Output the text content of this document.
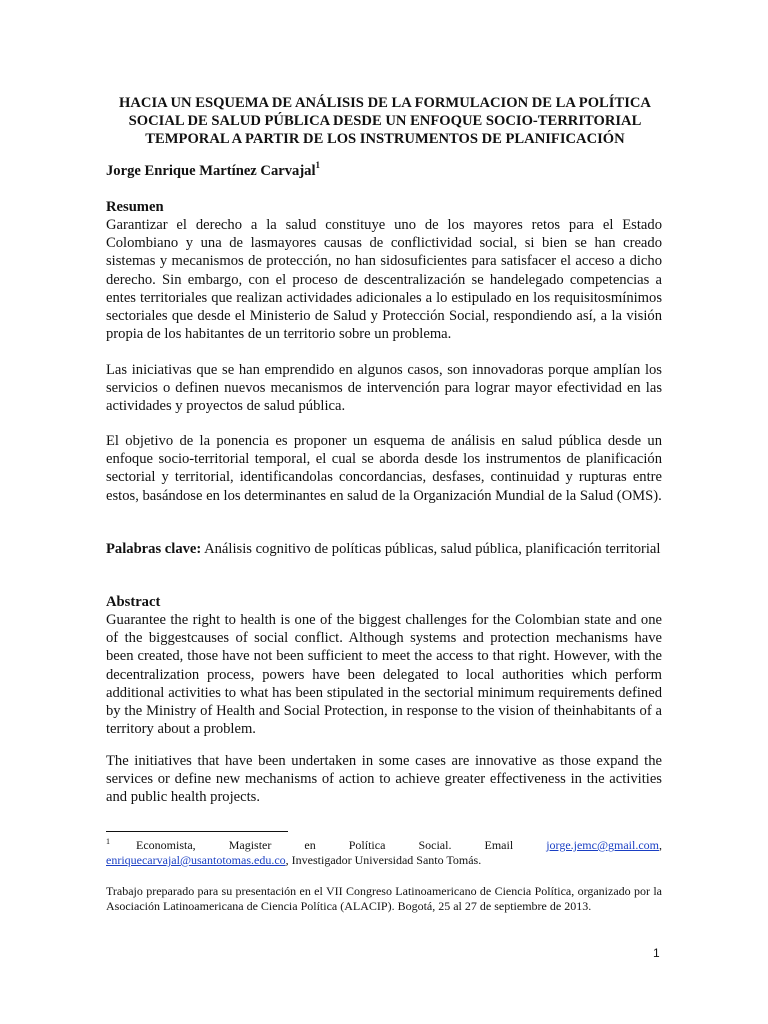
HACIA UN ESQUEMA DE ANÁLISIS DE LA FORMULACION DE LA POLÍTICA SOCIAL DE SALUD PÚBLICA DESDE UN ENFOQUE SOCIO-TERRITORIAL TEMPORAL A PARTIR DE LOS INSTRUMENTOS DE PLANIFICACIÓN
Jorge Enrique Martínez Carvajal$^1$

Resumen

Garantizar el derecho a la salud constituye uno de los mayores retos para el Estado Colombiano y una de lasmayores causas de conflictividad social, si bien se han creado sistemas y mecanismos de protección, no han sidosuficientes para satisfacer el acceso a dicho derecho. Sin embargo, con el proceso de descentralización se handelegado competencias a entes territoriales que realizan actividades adicionales a lo estipulado en los requisitosmínimos sectoriales que desde el Ministerio de Salud y Protección Social, respondiendo así, a la visión propia de los habitantes de un territorio sobre un problema.

Las iniciativas que se han emprendido en algunos casos, son innovadoras porque amplían los servicios o definen nuevos mecanismos de intervención para lograr mayor efectividad en las actividades y proyectos de salud pública.

El objetivo de la ponencia es proponer un esquema de análisis en salud pública desde un enfoque socio-territorial temporal, el cual se aborda desde los instrumentos de planificación sectorial y territorial, identificandolas concordancias, desfases, continuidad y rupturas entre estos, basándose en los determinantes en salud de la Organización Mundial de la Salud (OMS).

Palabras clave: Análisis cognitivo de políticas públicas, salud pública, planificación territorial

Abstract

Guarantee the right to health is one of the biggest challenges for the Colombian state and one of the biggestcauses of social conflict. Although systems and protection mechanisms have been created, those have not been sufficient to meet the access to that right. However, with the decentralization process, powers have been delegated to local authorities which perform additional activities to what has been stipulated in the sectorial minimum requirements defined by the Ministry of Health and Social Protection, in response to the vision of theinhabitants of a territory about a problem.

The initiatives that have been undertaken in some cases are innovative as those expand the services or define new mechanisms of action to achieve greater effectiveness in the activities and public health projects.

$^1$ Economista, Magister en Política Social. Email	jorge.jemc@gmail.com, enriquecarvajal@usantotomas.edu.co, Investigador Universidad Santo Tomás.

Trabajo preparado para su presentación en el VII Congreso Latinoamericano de Ciencia Política, organizado por la Asociación Latinoamericana de Ciencia Política (ALACIP). Bogotá, 25 al 27 de septiembre de 2013.

1
